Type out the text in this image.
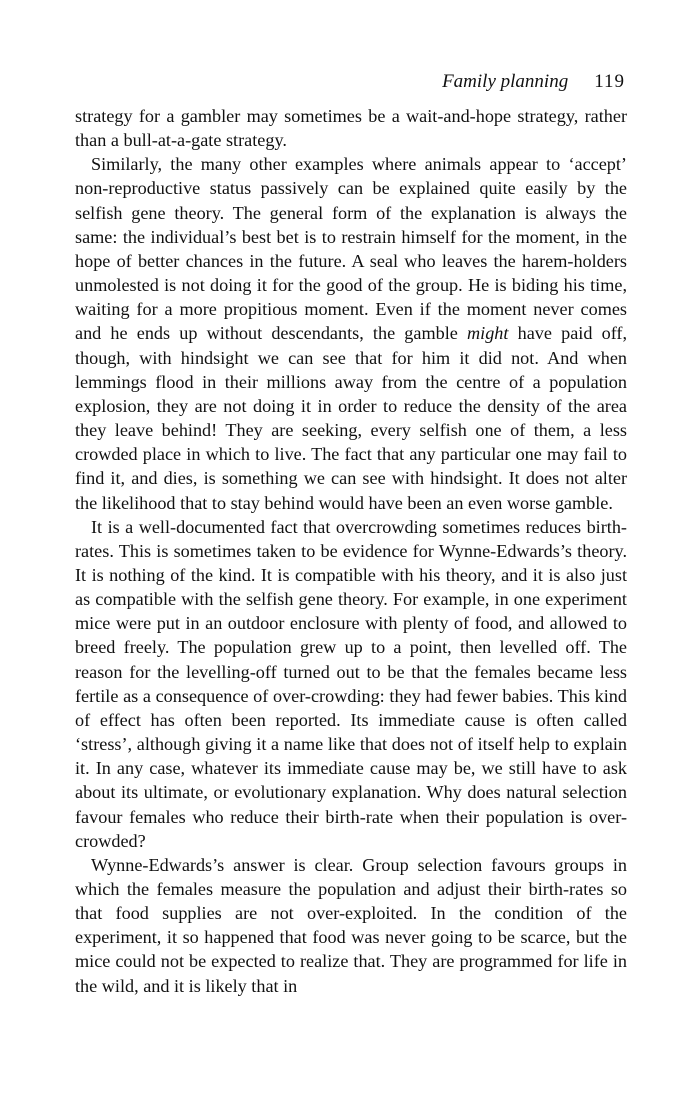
Family planning 119

strategy for a gambler may sometimes be a wait-and-hope strategy, rather than a bull-at-a-gate strategy.

Similarly, the many other examples where animals appear to ‘accept’ non-reproductive status passively can be explained quite easily by the selfish gene theory. The general form of the explanation is always the same: the individual’s best bet is to restrain himself for the moment, in the hope of better chances in the future. A seal who leaves the harem-holders unmolested is not doing it for the good of the group. He is biding his time, waiting for a more propitious moment. Even if the moment never comes and he ends up without descendants, the gamble might have paid off, though, with hindsight we can see that for him it did not. And when lemmings flood in their millions away from the centre of a population explosion, they are not doing it in order to reduce the density of the area they leave behind! They are seeking, every selfish one of them, a less crowded place in which to live. The fact that any particular one may fail to find it, and dies, is something we can see with hindsight. It does not alter the likelihood that to stay behind would have been an even worse gamble.

It is a well-documented fact that overcrowding sometimes reduces birth-rates. This is sometimes taken to be evidence for Wynne-Edwards’s theory. It is nothing of the kind. It is compatible with his theory, and it is also just as compatible with the selfish gene theory. For example, in one experiment mice were put in an outdoor enclosure with plenty of food, and allowed to breed freely. The population grew up to a point, then levelled off. The reason for the levelling-off turned out to be that the females became less fertile as a consequence of over-crowding: they had fewer babies. This kind of effect has often been reported. Its immediate cause is often called ‘stress’, although giving it a name like that does not of itself help to explain it. In any case, whatever its immediate cause may be, we still have to ask about its ultimate, or evolutionary explanation. Why does natural selection favour females who reduce their birth-rate when their population is over-crowded?

Wynne-Edwards’s answer is clear. Group selection favours groups in which the females measure the population and adjust their birth-rates so that food supplies are not over-exploited. In the condition of the experiment, it so happened that food was never going to be scarce, but the mice could not be expected to realize that. They are programmed for life in the wild, and it is likely that in
